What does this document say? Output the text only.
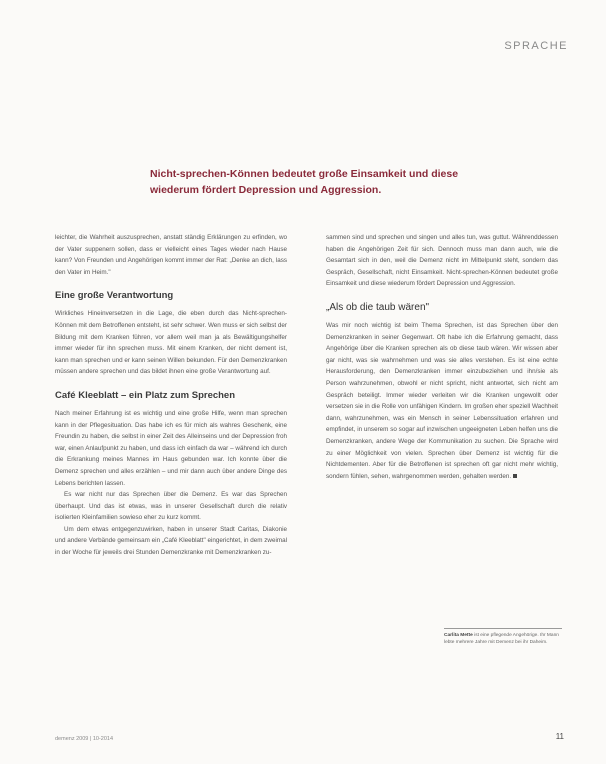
SPRACHE
Nicht-sprechen-Können bedeutet große Einsamkeit und diese wiederum fördert Depression und Aggression.

leichter, die Wahrheit auszusprechen, anstatt ständig Erklärungen zu erfinden, wo der Vater suppenern sollen, dass er vielleicht eines Tages wieder nach Hause kann? Von Freunden und Angehörigen kommt immer der Rat: „Denke an dich, lass den Vater im Heim."

Eine große Verantwortung

Wirkliches Hineinversetzen in die Lage, die eben durch das Nicht-sprechen-Können mit dem Betroffenen entsteht, ist sehr schwer. Wen muss er sich selbst der Bildung mit dem Kranken führen, vor allem weil man ja als Bewältigungshelfer immer wieder für ihn sprechen muss. Mit einem Kranken, der nicht dement ist, kann man sprechen und er kann seinen Willen bekunden. Für den Demenzkranken müssen andere sprechen und das bildet ihnen eine große Verantwortung auf.

Café Kleeblatt – ein Platz zum Sprechen

Nach meiner Erfahrung ist es wichtig und eine große Hilfe, wenn man sprechen kann in der Pflegesituation. Das habe ich es für mich als wahres Geschenk, eine Freundin zu haben, die selbst in einer Zeit des Alleinseins und der Depression froh war, einen Anlaufpunkt zu haben, und dass ich einfach da war – während ich durch die Erkrankung meines Mannes im Haus gebunden war. Ich konnte über die Demenz sprechen und alles erzählen – und mir dann auch über andere Dinge des Lebens berichten lassen.

Es war nicht nur das Sprechen über die Demenz. Es war das Sprechen überhaupt. Und das ist etwas, was in unserer Gesellschaft durch die relativ isolierten Kleinfamilien sowieso eher zu kurz kommt.

Um dem etwas entgegenzuwirken, haben in unserer Stadt Caritas, Diakonie und andere Verbände gemeinsam ein „Café Kleeblatt" eingerichtet, in dem zweimal in der Woche für jeweils drei Stunden Demenzkranke mit Demenzkranken zu-

sammen sind und sprechen und singen und alles tun, was guttut. Währenddessen haben die Angehörigen Zeit für sich. Dennoch muss man dann auch, wie die Gesamtart sich in den, weil die Demenz nicht im Mittelpunkt steht, sondern das Gespräch, Gesellschaft, nicht Einsamkeit. Nicht-sprechen-Können bedeutet große Einsamkeit und diese wiederum fördert Depression und Aggression.

„Als ob die taub wären"

Was mir noch wichtig ist beim Thema Sprechen, ist das Sprechen über den Demenzkranken in seiner Gegenwart. Oft habe ich die Erfahrung gemacht, dass Angehörige über die Kranken sprechen als ob diese taub wären. Wir wissen aber gar nicht, was sie wahrnehmen und was sie alles verstehen. Es ist eine echte Herausforderung, den Demenzkranken immer einzubeziehen und ihn/sie als Person wahrzunehmen, obwohl er nicht spricht, nicht antwortet, sich nicht am Gespräch beteiligt. Immer wieder verleiten wir die Kranken ungewollt oder versetzen sie in die Rolle von unfähigen Kindern. Im großen eher speziell Wachheit dann, wahrzunehmen, was ein Mensch in seiner Lebenssituation erfahren und empfindet, in unserem so sogar auf inzwischen ungeeigneten Leben helfen uns die Demenzkranken, andere Wege der Kommunikation zu suchen. Die Sprache wird zu einer Möglichkeit von vielen. Sprechen über Demenz ist wichtig für die Nichtdementen. Aber für die Betroffenen ist sprechen oft gar nicht mehr wichtig, sondern fühlen, sehen, wahrgenommen werden, gehalten werden.

Carlita Mette ist eine pflegende Angehörige. Ihr Mann lebte mehrere Jahre mit Demenz bei ihr Daheim.
demenz 2009 | 10-2014	11
